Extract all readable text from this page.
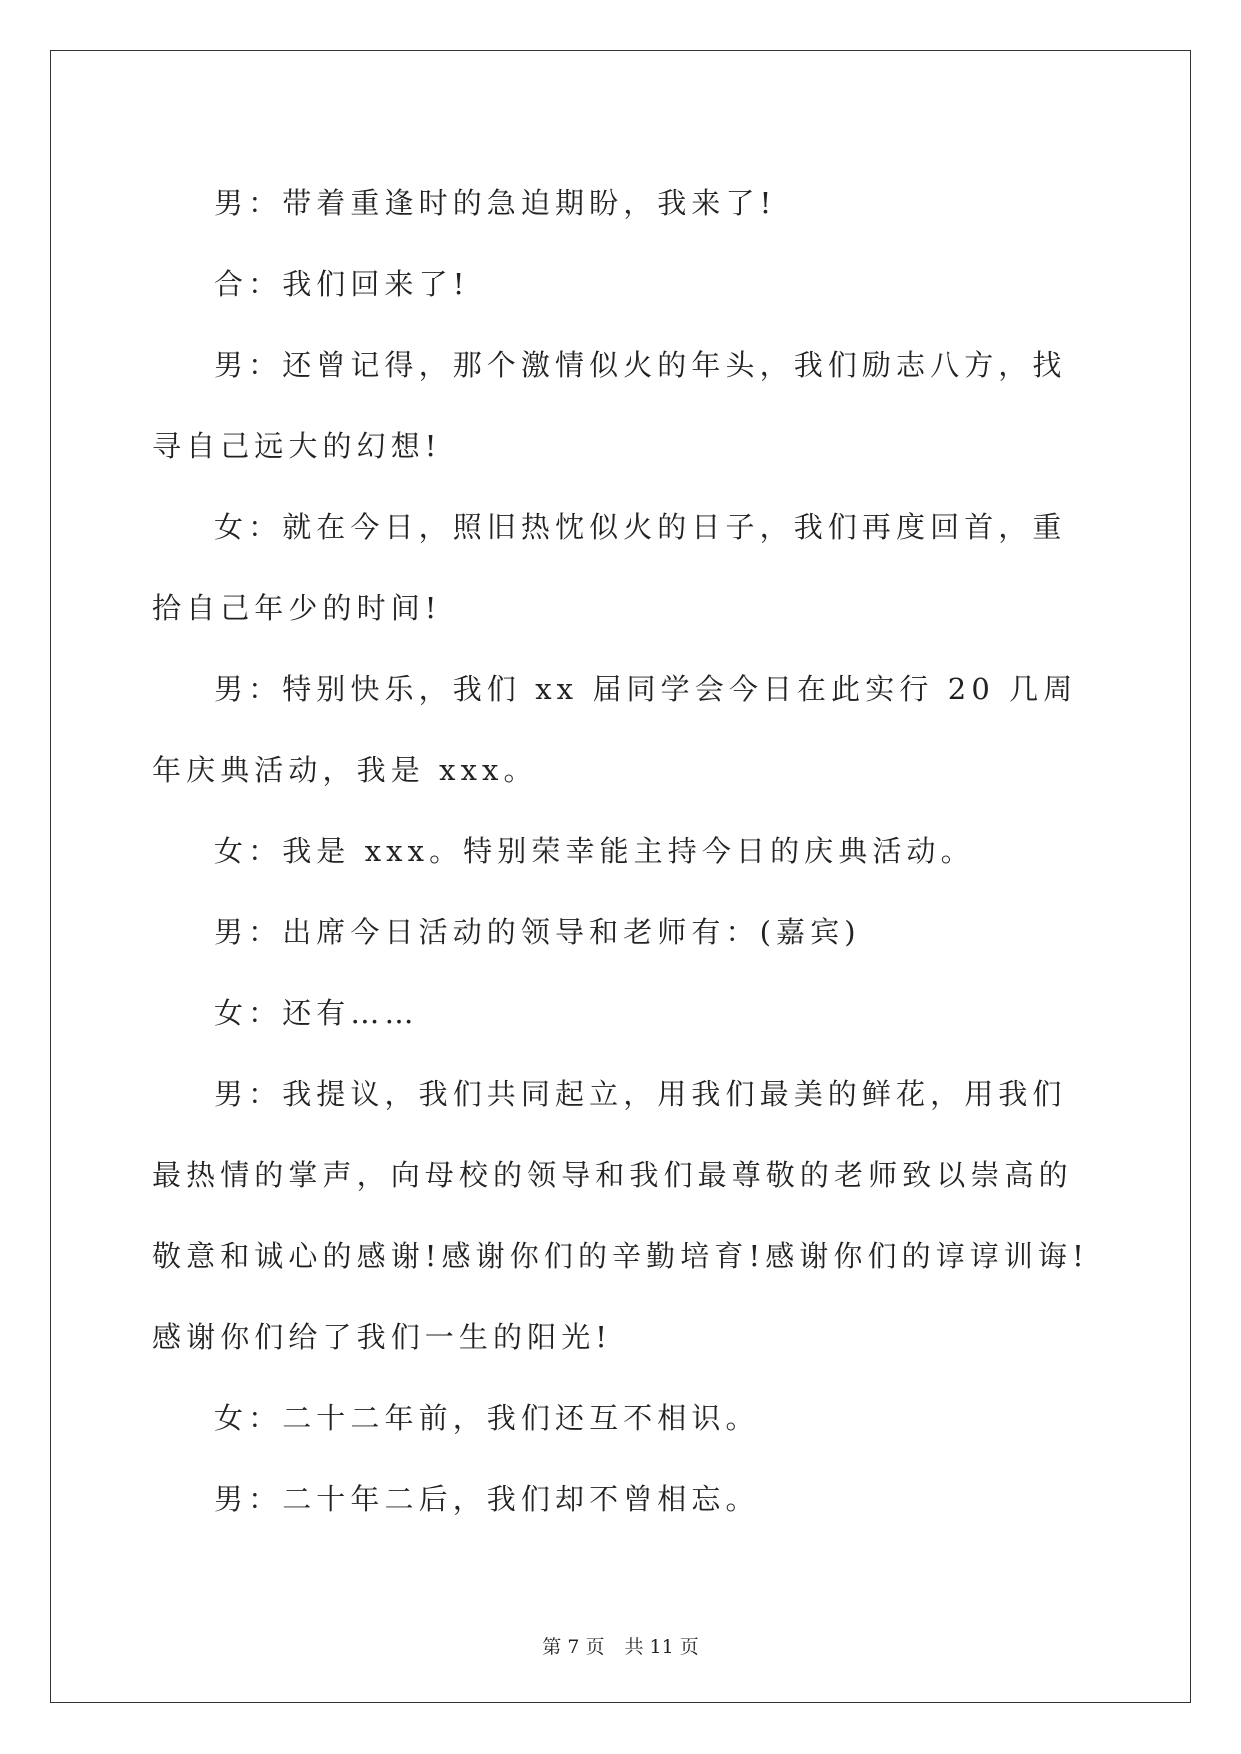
男：带着重逢时的急迫期盼，我来了!

合：我们回来了!

男：还曾记得，那个激情似火的年头，我们励志八方，找寻自己远大的幻想!

女：就在今日，照旧热忱似火的日子，我们再度回首，重拾自己年少的时间!

男：特别快乐，我们 xx 届同学会今日在此实行 20 几周年庆典活动，我是 xxx。

女：我是 xxx。特别荣幸能主持今日的庆典活动。

男：出席今日活动的领导和老师有：(嘉宾)

女：还有……

男：我提议，我们共同起立，用我们最美的鲜花，用我们最热情的掌声，向母校的领导和我们最尊敬的老师致以崇高的敬意和诚心的感谢!感谢你们的辛勤培育!感谢你们的谆谆训诲!感谢你们给了我们一生的阳光!

女：二十二年前，我们还互不相识。

男：二十年二后，我们却不曾相忘。

第 7 页 共 11 页
